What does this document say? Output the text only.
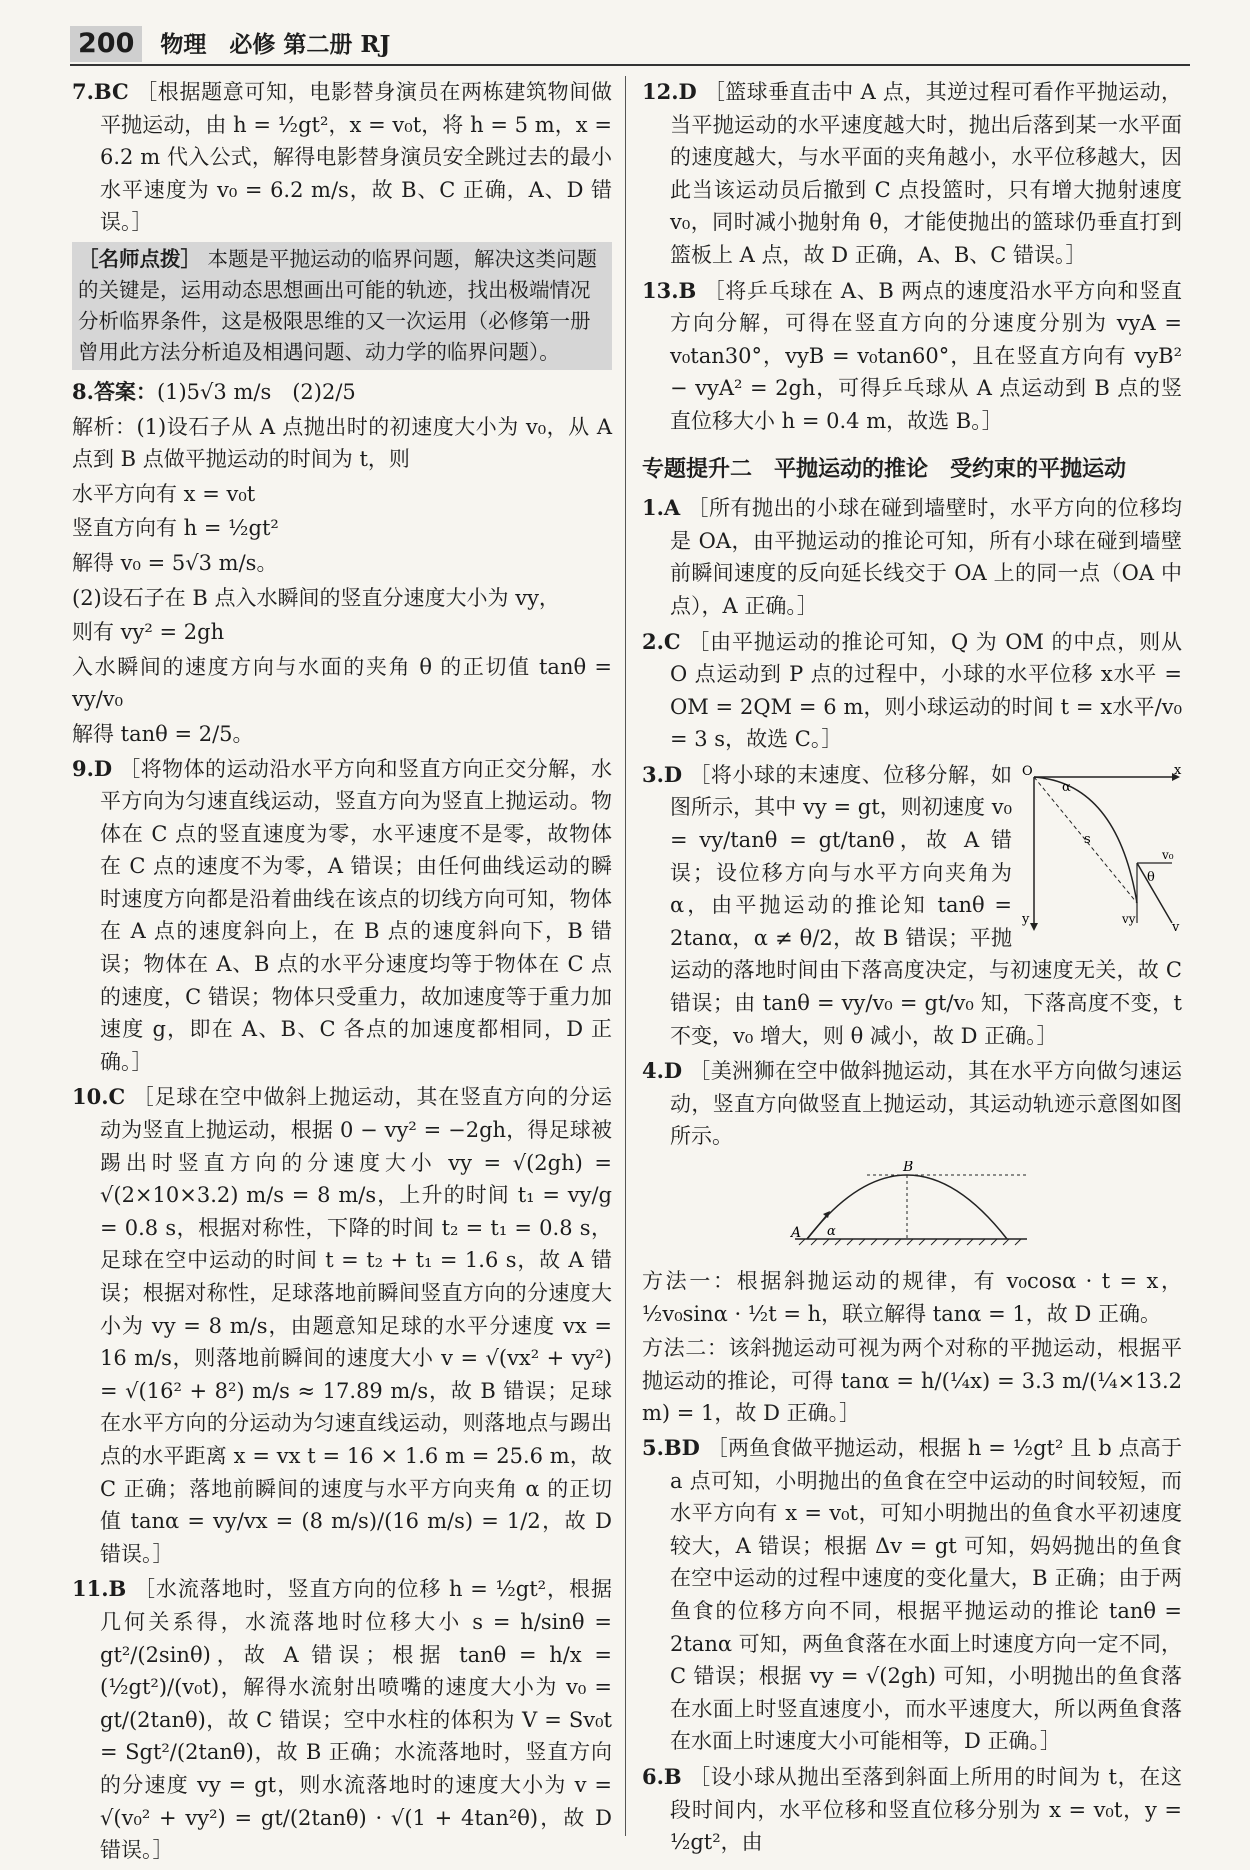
200	物理　必修 第二册 RJ

7.BC ［根据题意可知，电影替身演员在两栋建筑物间做平抛运动，由 h = ½gt²，x = v₀t，将 h = 5 m，x = 6.2 m 代入公式，解得电影替身演员安全跳过去的最小水平速度为 v₀ = 6.2 m/s，故 B、C 正确，A、D 错误。］

［名师点拨］ 本题是平抛运动的临界问题，解决这类问题的关键是，运用动态思想画出可能的轨迹，找出极端情况分析临界条件，这是极限思维的又一次运用（必修第一册曾用此方法分析追及相遇问题、动力学的临界问题）。

8.答案：(1)5√3 m/s　(2)2/5

解析：(1)设石子从 A 点抛出时的初速度大小为 v₀，从 A 点到 B 点做平抛运动的时间为 t，则

水平方向有 x = v₀t

竖直方向有 h = ½gt²

解得 v₀ = 5√3 m/s。

(2)设石子在 B 点入水瞬间的竖直分速度大小为 vy，

则有 vy² = 2gh

入水瞬间的速度方向与水面的夹角 θ 的正切值 tanθ = vy/v₀

解得 tanθ = 2/5。

9.D ［将物体的运动沿水平方向和竖直方向正交分解，水平方向为匀速直线运动，竖直方向为竖直上抛运动。物体在 C 点的竖直速度为零，水平速度不是零，故物体在 C 点的速度不为零，A 错误；由任何曲线运动的瞬时速度方向都是沿着曲线在该点的切线方向可知，物体在 A 点的速度斜向上，在 B 点的速度斜向下，B 错误；物体在 A、B 点的水平分速度均等于物体在 C 点的速度，C 错误；物体只受重力，故加速度等于重力加速度 g，即在 A、B、C 各点的加速度都相同，D 正确。］

10.C ［足球在空中做斜上抛运动，其在竖直方向的分运动为竖直上抛运动，根据 0 − vy² = −2gh，得足球被踢出时竖直方向的分速度大小 vy = √(2gh) = √(2×10×3.2) m/s = 8 m/s，上升的时间 t₁ = vy/g = 0.8 s，根据对称性，下降的时间 t₂ = t₁ = 0.8 s，足球在空中运动的时间 t = t₂ + t₁ = 1.6 s，故 A 错误；根据对称性，足球落地前瞬间竖直方向的分速度大小为 vy = 8 m/s，由题意知足球的水平分速度 vx = 16 m/s，则落地前瞬间的速度大小 v = √(vx² + vy²) = √(16² + 8²) m/s ≈ 17.89 m/s，故 B 错误；足球在水平方向的分运动为匀速直线运动，则落地点与踢出点的水平距离 x = vx t = 16 × 1.6 m = 25.6 m，故 C 正确；落地前瞬间的速度与水平方向夹角 α 的正切值 tanα = vy/vx = (8 m/s)/(16 m/s) = 1/2，故 D 错误。］

11.B ［水流落地时，竖直方向的位移 h = ½gt²，根据几何关系得，水流落地时位移大小 s = h/sinθ = gt²/(2sinθ)，故 A 错误；根据 tanθ = h/x = (½gt²)/(v₀t)，解得水流射出喷嘴的速度大小为 v₀ = gt/(2tanθ)，故 C 错误；空中水柱的体积为 V = Sv₀t = Sgt²/(2tanθ)，故 B 正确；水流落地时，竖直方向的分速度 vy = gt，则水流落地时的速度大小为 v = √(v₀² + vy²) = gt/(2tanθ) · √(1 + 4tan²θ)，故 D 错误。］

12.D ［篮球垂直击中 A 点，其逆过程可看作平抛运动，当平抛运动的水平速度越大时，抛出后落到某一水平面的速度越大，与水平面的夹角越小，水平位移越大，因此当该运动员后撤到 C 点投篮时，只有增大抛射速度 v₀，同时减小抛射角 θ，才能使抛出的篮球仍垂直打到篮板上 A 点，故 D 正确，A、B、C 错误。］

13.B ［将乒乓球在 A、B 两点的速度沿水平方向和竖直方向分解，可得在竖直方向的分速度分别为 vyA = v₀tan30°，vyB = v₀tan60°，且在竖直方向有 vyB² − vyA² = 2gh，可得乒乓球从 A 点运动到 B 点的竖直位移大小 h = 0.4 m，故选 B。］

专题提升二　平抛运动的推论　受约束的平抛运动

1.A ［所有抛出的小球在碰到墙壁时，水平方向的位移均是 OA，由平抛运动的推论可知，所有小球在碰到墙壁前瞬间速度的反向延长线交于 OA 上的同一点（OA 中点），A 正确。］

2.C ［由平抛运动的推论可知，Q 为 OM 的中点，则从 O 点运动到 P 点的过程中，小球的水平位移 x水平 = OM = 2QM = 6 m，则小球运动的时间 t = x水平/v₀ = 3 s，故选 C。］

O	x
y
α
θ
s
v₀
vy
v
3.D ［将小球的末速度、位移分解，如图所示，其中 vy = gt，则初速度 v₀ = vy/tanθ = gt/tanθ，故 A 错误；设位移方向与水平方向夹角为 α，由平抛运动的推论知 tanθ = 2tanα，α ≠ θ/2，故 B 错误；平抛运动的落地时间由下落高度决定，与初速度无关，故 C 错误；由 tanθ = vy/v₀ = gt/v₀ 知，下落高度不变，t 不变，v₀ 增大，则 θ 减小，故 D 正确。］

4.D ［美洲狮在空中做斜抛运动，其在水平方向做匀速运动，竖直方向做竖直上抛运动，其运动轨迹示意图如图所示。

A
B
α

方法一：根据斜抛运动的规律，有 v₀cosα · t = x，½v₀sinα · ½t = h，联立解得 tanα = 1，故 D 正确。

方法二：该斜抛运动可视为两个对称的平抛运动，根据平抛运动的推论，可得 tanα = h/(¼x) = 3.3 m/(¼×13.2 m) = 1，故 D 正确。］

5.BD ［两鱼食做平抛运动，根据 h = ½gt² 且 b 点高于 a 点可知，小明抛出的鱼食在空中运动的时间较短，而水平方向有 x = v₀t，可知小明抛出的鱼食水平初速度较大，A 错误；根据 Δv = gt 可知，妈妈抛出的鱼食在空中运动的过程中速度的变化量大，B 正确；由于两鱼食的位移方向不同，根据平抛运动的推论 tanθ = 2tanα 可知，两鱼食落在水面上时速度方向一定不同，C 错误；根据 vy = √(2gh) 可知，小明抛出的鱼食落在水面上时竖直速度小，而水平速度大，所以两鱼食落在水面上时速度大小可能相等，D 正确。］

6.B ［设小球从抛出至落到斜面上所用的时间为 t，在这段时间内，水平位移和竖直位移分别为 x = v₀t，y = ½gt²，由
